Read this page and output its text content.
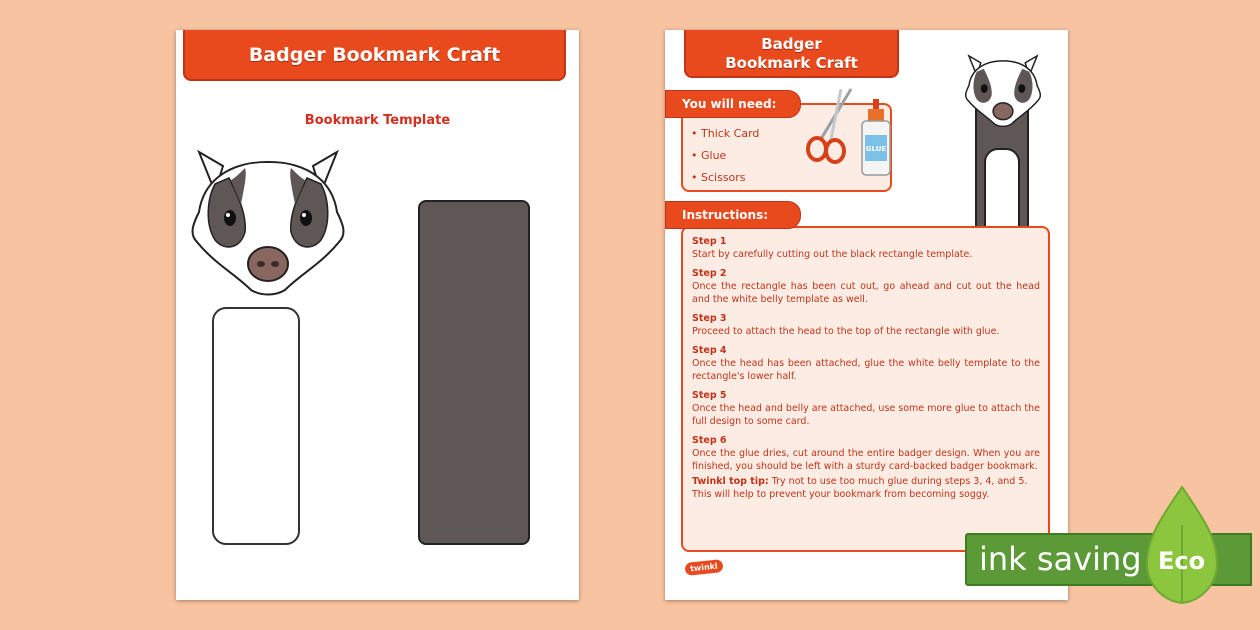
Badger Bookmark Craft
Bookmark Template
Badger
Bookmark Craft
• Thick Card
• Glue
• Scissors
GLUE
You will need:
Step 1
Start by carefully cutting out the black rectangle template.
Step 2
Once the rectangle has been cut out, go ahead and cut out the head and the white belly template as well.
Step 3
Proceed to attach the head to the top of the rectangle with glue.
Step 4
Once the head has been attached, glue the white belly template to the rectangle's lower half.
Step 5
Once the head and belly are attached, use some more glue to attach the full design to some card.
Step 6
Once the glue dries, cut around the entire badger design. When you are finished, you should be left with a sturdy card-backed badger bookmark.
Twinkl top tip: Try not to use too much glue during steps 3, 4, and 5. This will help to prevent your bookmark from becoming soggy.
Instructions:
twinkl	ink saving Eco
